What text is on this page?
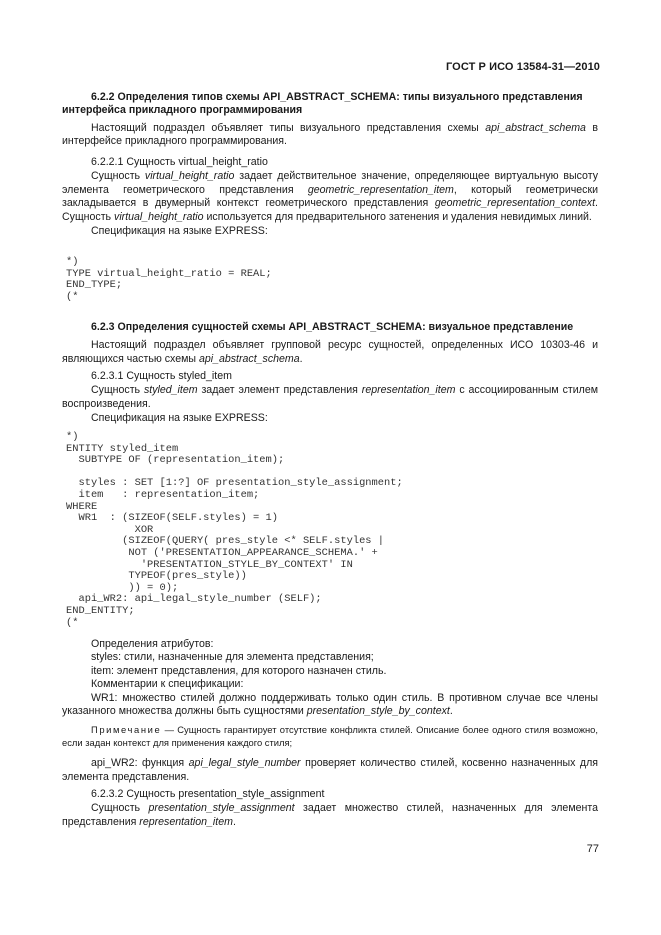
ГОСТ Р ИСО 13584-31—2010

6.2.2 Определения типов схемы API_ABSTRACT_SCHEMA: типы визуального представления интерфейса прикладного программирования

Настоящий подраздел объявляет типы визуального представления схемы api_abstract_schema в интерфейсе прикладного программирования.

6.2.2.1 Сущность virtual_height_ratio

Сущность virtual_height_ratio задает действительное значение, определяющее виртуальную высоту элемента геометрического представления geometric_representation_item, который геометрически закладывается в двумерный контекст геометрического представления geometric_representation_context. Сущность virtual_height_ratio используется для предварительного затенения и удаления невидимых линий.

Спецификация на языке EXPRESS:

*)
TYPE virtual_height_ratio = REAL;
END_TYPE;
(*

6.2.3 Определения сущностей схемы API_ABSTRACT_SCHEMA: визуальное представление

Настоящий подраздел объявляет групповой ресурс сущностей, определенных ИСО 10303-46 и являющихся частью схемы api_abstract_schema.

6.2.3.1 Сущность styled_item

Сущность styled_item задает элемент представления representation_item с ассоциированным стилем воспроизведения.

Спецификация на языке EXPRESS:

*)
ENTITY styled_item
SUBTYPE OF (representation_item);

styles : SET [1:?] OF presentation_style_assignment;
item   : representation_item;
WHERE
WR1  : (SIZEOF(SELF.styles) = 1)
XOR
(SIZEOF(QUERY( pres_style <* SELF.styles |
NOT ('PRESENTATION_APPEARANCE_SCHEMA.' +
'PRESENTATION_STYLE_BY_CONTEXT' IN
TYPEOF(pres_style))
)) = 0);
api_WR2: api_legal_style_number (SELF);
END_ENTITY;
(*

Определения атрибутов:

styles: стили, назначенные для элемента представления;

item: элемент представления, для которого назначен стиль.

Комментарии к спецификации:

WR1: множество стилей должно поддерживать только один стиль. В противном случае все члены указанного множества должны быть сущностями presentation_style_by_context.

Примечание — Сущность гарантирует отсутствие конфликта стилей. Описание более одного стиля возможно, если задан контекст для применения каждого стиля;

api_WR2: функция api_legal_style_number проверяет количество стилей, косвенно назначенных для элемента представления.

6.2.3.2 Сущность presentation_style_assignment

Сущность presentation_style_assignment задает множество стилей, назначенных для элемента представления representation_item.

77
